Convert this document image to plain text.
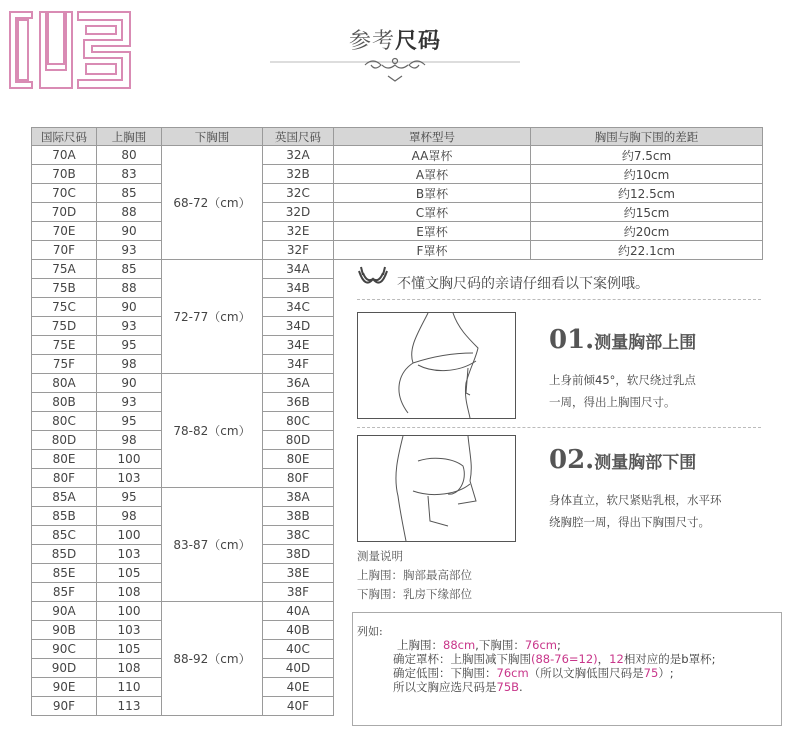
参考尺码
国际尺码	上胸围	下胸围	英国尺码	罩杯型号	胸围与胸下围的差距
70A	80	68-72（cm）	32A	AA罩杯	约7.5cm
70B	83		32B	A罩杯	约10cm
70C	85		32C	B罩杯	约12.5cm
70D	88		32D	C罩杯	约15cm
70E	90		32E	E罩杯	约20cm
70F	93		32F	F罩杯	约22.1cm
75A	85	72-77（cm）	34A		
75B	88		34B		
75C	90		34C		
75D	93		34D		
75E	95		34E		
75F	98		34F		
80A	90	78-82（cm）	36A		
80B	93		36B		
80C	95		80C		
80D	98		80D		
80E	100		80E		
80F	103		80F		
85A	95	83-87（cm）	38A		
85B	98		38B		
85C	100		38C		
85D	103		38D		
85E	105		38E		
85F	108		38F		
90A	100	88-92（cm）	40A		
90B	103		40B		
90C	105		40C		
90D	108		40D		
90E	110		40E		
90F	113		40F		
不懂文胸尺码的亲请仔细看以下案例哦。
01.测量胸部上围
上身前倾45°，软尺绕过乳点
一周，得出上胸围尺寸。
02.测量胸部下围
身体直立，软尺紧贴乳根，水平环
绕胸腔一周，得出下胸围尺寸。
测量说明
上胸围：胸部最高部位
下胸围：乳房下缘部位
列如:
上胸围：88cm,下胸围：76cm;
确定罩杯：上胸围减下胸围(88-76=12)，12相对应的是b罩杯;
确定低围：下胸围：76cm（所以文胸低围尺码是75）;
所以文胸应选尺码是75B.
